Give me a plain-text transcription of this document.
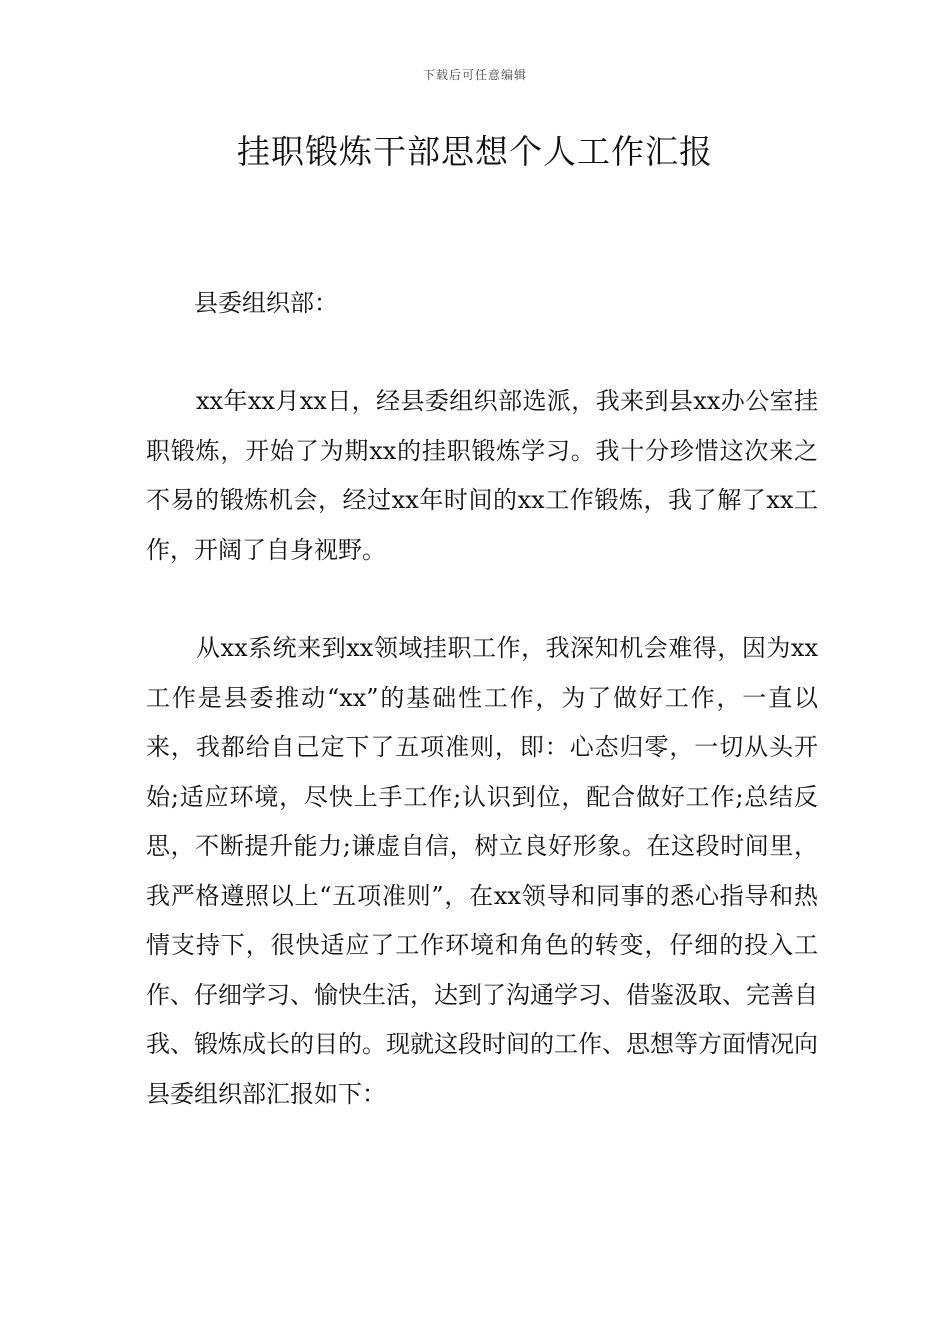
下载后可任意编辑
挂职锻炼干部思想个人工作汇报

县委组织部：

xx年xx月xx日，经县委组织部选派，我来到县xx办公室挂职锻炼，开始了为期xx的挂职锻炼学习。我十分珍惜这次来之不易的锻炼机会，经过xx年时间的xx工作锻炼，我了解了xx工作，开阔了自身视野。

从xx系统来到xx领域挂职工作，我深知机会难得，因为xx工作是县委推动“xx”的基础性工作，为了做好工作，一直以来，我都给自己定下了五项准则，即：心态归零，一切从头开始;适应环境，尽快上手工作;认识到位，配合做好工作;总结反思，不断提升能力;谦虚自信，树立良好形象。在这段时间里，我严格遵照以上“五项准则”，在xx领导和同事的悉心指导和热情支持下，很快适应了工作环境和角色的转变，仔细的投入工作、仔细学习、愉快生活，达到了沟通学习、借鉴汲取、完善自我、锻炼成长的目的。现就这段时间的工作、思想等方面情况向县委组织部汇报如下：
